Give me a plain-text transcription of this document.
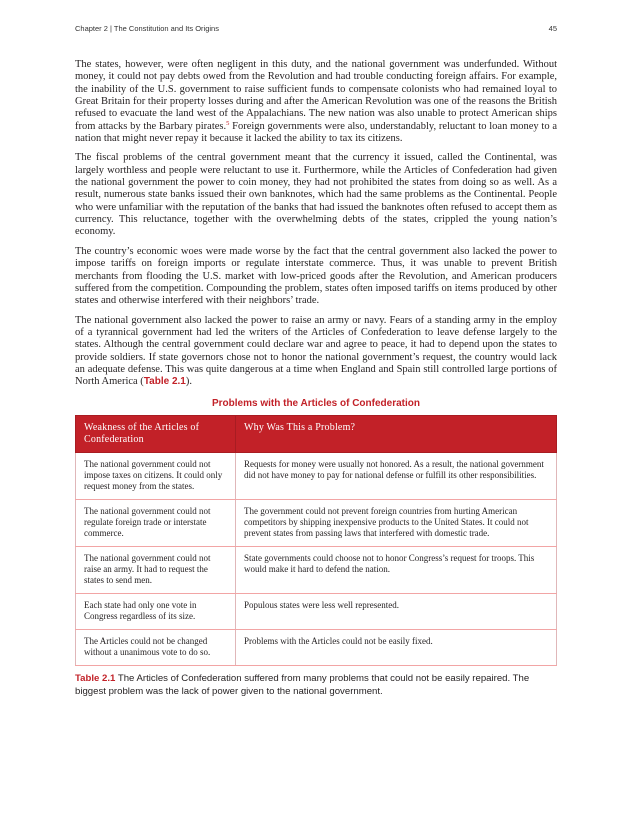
Chapter 2 | The Constitution and Its Origins	45

The states, however, were often negligent in this duty, and the national government was underfunded. Without money, it could not pay debts owed from the Revolution and had trouble conducting foreign affairs. For example, the inability of the U.S. government to raise sufficient funds to compensate colonists who had remained loyal to Great Britain for their property losses during and after the American Revolution was one of the reasons the British refused to evacuate the land west of the Appalachians. The new nation was also unable to protect American ships from attacks by the Barbary pirates.$^5$ Foreign governments were also, understandably, reluctant to loan money to a nation that might never repay it because it lacked the ability to tax its citizens.

The fiscal problems of the central government meant that the currency it issued, called the Continental, was largely worthless and people were reluctant to use it. Furthermore, while the Articles of Confederation had given the national government the power to coin money, they had not prohibited the states from doing so as well. As a result, numerous state banks issued their own banknotes, which had the same problems as the Continental. People who were unfamiliar with the reputation of the banks that had issued the banknotes often refused to accept them as currency. This reluctance, together with the overwhelming debts of the states, crippled the young nation’s economy.

The country’s economic woes were made worse by the fact that the central government also lacked the power to impose tariffs on foreign imports or regulate interstate commerce. Thus, it was unable to prevent British merchants from flooding the U.S. market with low-priced goods after the Revolution, and American producers suffered from the competition. Compounding the problem, states often imposed tariffs on items produced by other states and otherwise interfered with their neighbors’ trade.

The national government also lacked the power to raise an army or navy. Fears of a standing army in the employ of a tyrannical government had led the writers of the Articles of Confederation to leave defense largely to the states. Although the central government could declare war and agree to peace, it had to depend upon the states to provide soldiers. If state governors chose not to honor the national government’s request, the country would lack an adequate defense. This was quite dangerous at a time when England and Spain still controlled large portions of North America (Table 2.1).

Problems with the Articles of Confederation
Weakness of the Articles of Confederation	Why Was This a Problem?
The national government could not impose taxes on citizens. It could only request money from the states.	Requests for money were usually not honored. As a result, the national government did not have money to pay for national defense or fulfill its other responsibilities.
The national government could not regulate foreign trade or interstate commerce.	The government could not prevent foreign countries from hurting American competitors by shipping inexpensive products to the United States. It could not prevent states from passing laws that interfered with domestic trade.
The national government could not raise an army. It had to request the states to send men.	State governments could choose not to honor Congress’s request for troops. This would make it hard to defend the nation.
Each state had only one vote in Congress regardless of its size.	Populous states were less well represented.
The Articles could not be changed without a unanimous vote to do so.	Problems with the Articles could not be easily fixed.
Table 2.1 The Articles of Confederation suffered from many problems that could not be easily repaired. The biggest problem was the lack of power given to the national government.
